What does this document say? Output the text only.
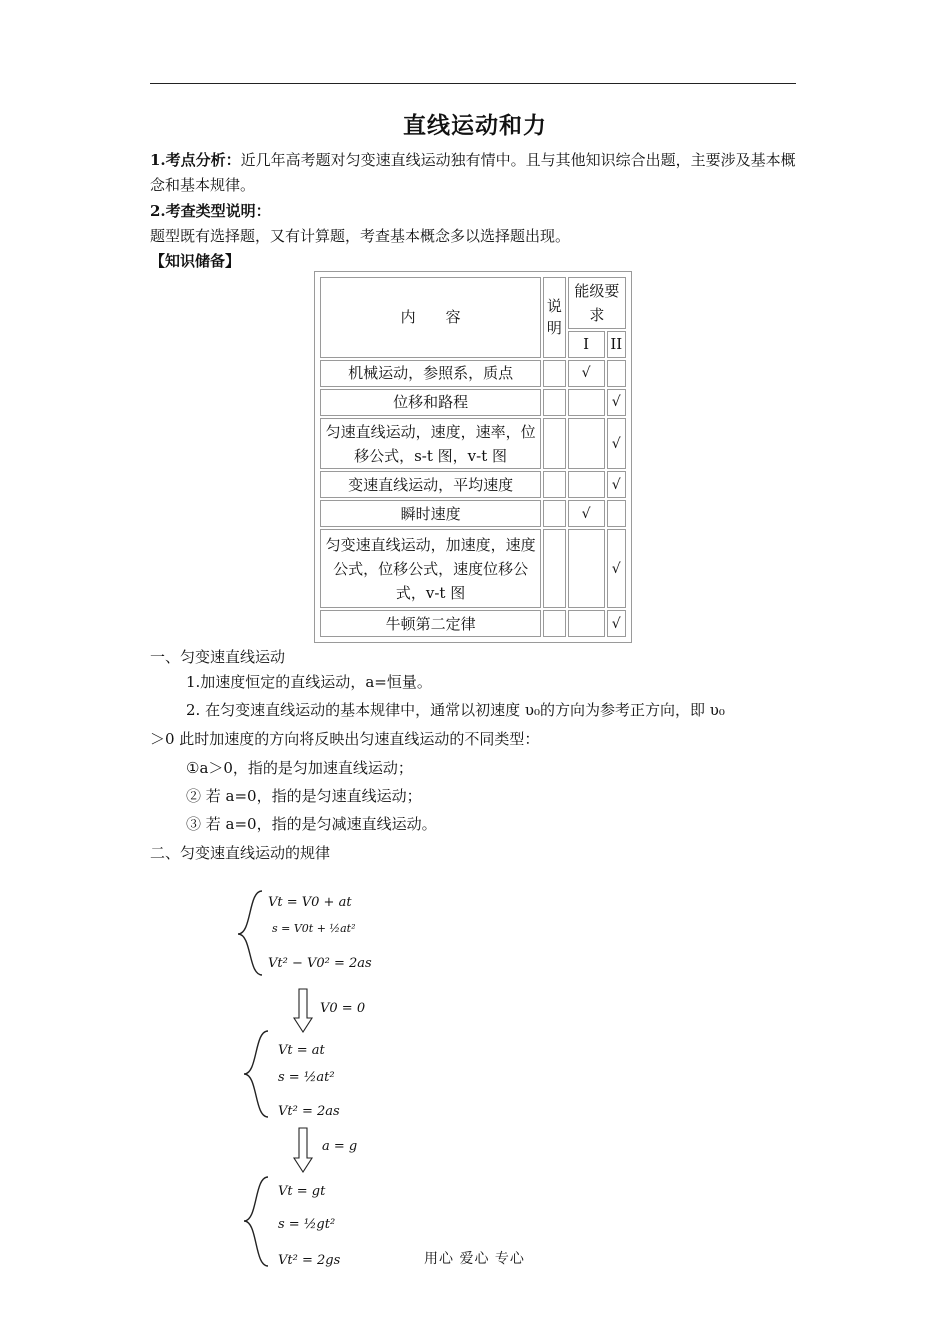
直线运动和力
1.考点分析：近几年高考题对匀变速直线运动独有情中。且与其他知识综合出题，主要涉及基本概念和基本规律。
2.考查类型说明：
题型既有选择题，又有计算题，考查基本概念多以选择题出现。
【知识储备】
内　　容	说明	能级要求	
		I	II
机械运动，参照系，质点		√	
位移和路程			√
匀速直线运动，速度，速率，位移公式，s-t 图，v-t 图			√
变速直线运动，平均速度			√
瞬时速度		√	
匀变速直线运动，加速度，速度公式，位移公式，速度位移公式，v-t 图			√
牛顿第二定律			√
一、匀变速直线运动
1.加速度恒定的直线运动，a=恒量。
2. 在匀变速直线运动的基本规律中，通常以初速度 υ₀的方向为参考正方向，即 υ₀
＞0 此时加速度的方向将反映出匀速直线运动的不同类型：
①a＞0，指的是匀加速直线运动；
② 若 a=0，指的是匀速直线运动；
③ 若 a=0，指的是匀减速直线运动。
二、匀变速直线运动的规律
Vt = V0 + at
s = V0t + ½at²
Vt² − V0² = 2as
V0 = 0
Vt = at
s = ½at²
Vt² = 2as
a = g
Vt = gt
s = ½gt²
Vt² = 2gs	用心 爱心 专心
